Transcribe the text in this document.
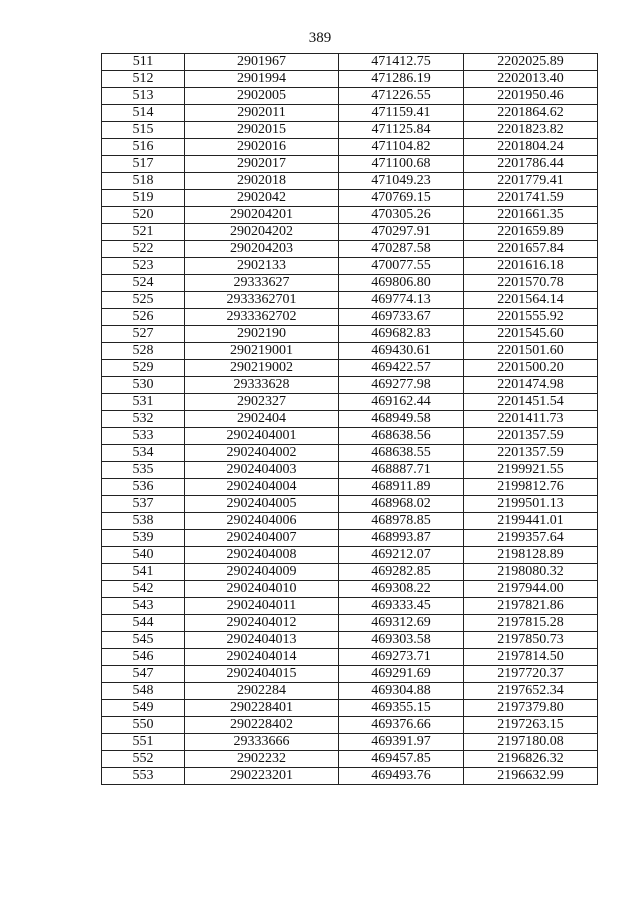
389
511	2901967	471412.75	2202025.89
512	2901994	471286.19	2202013.40
513	2902005	471226.55	2201950.46
514	2902011	471159.41	2201864.62
515	2902015	471125.84	2201823.82
516	2902016	471104.82	2201804.24
517	2902017	471100.68	2201786.44
518	2902018	471049.23	2201779.41
519	2902042	470769.15	2201741.59
520	290204201	470305.26	2201661.35
521	290204202	470297.91	2201659.89
522	290204203	470287.58	2201657.84
523	2902133	470077.55	2201616.18
524	29333627	469806.80	2201570.78
525	2933362701	469774.13	2201564.14
526	2933362702	469733.67	2201555.92
527	2902190	469682.83	2201545.60
528	290219001	469430.61	2201501.60
529	290219002	469422.57	2201500.20
530	29333628	469277.98	2201474.98
531	2902327	469162.44	2201451.54
532	2902404	468949.58	2201411.73
533	2902404001	468638.56	2201357.59
534	2902404002	468638.55	2201357.59
535	2902404003	468887.71	2199921.55
536	2902404004	468911.89	2199812.76
537	2902404005	468968.02	2199501.13
538	2902404006	468978.85	2199441.01
539	2902404007	468993.87	2199357.64
540	2902404008	469212.07	2198128.89
541	2902404009	469282.85	2198080.32
542	2902404010	469308.22	2197944.00
543	2902404011	469333.45	2197821.86
544	2902404012	469312.69	2197815.28
545	2902404013	469303.58	2197850.73
546	2902404014	469273.71	2197814.50
547	2902404015	469291.69	2197720.37
548	2902284	469304.88	2197652.34
549	290228401	469355.15	2197379.80
550	290228402	469376.66	2197263.15
551	29333666	469391.97	2197180.08
552	2902232	469457.85	2196826.32
553	290223201	469493.76	2196632.99
